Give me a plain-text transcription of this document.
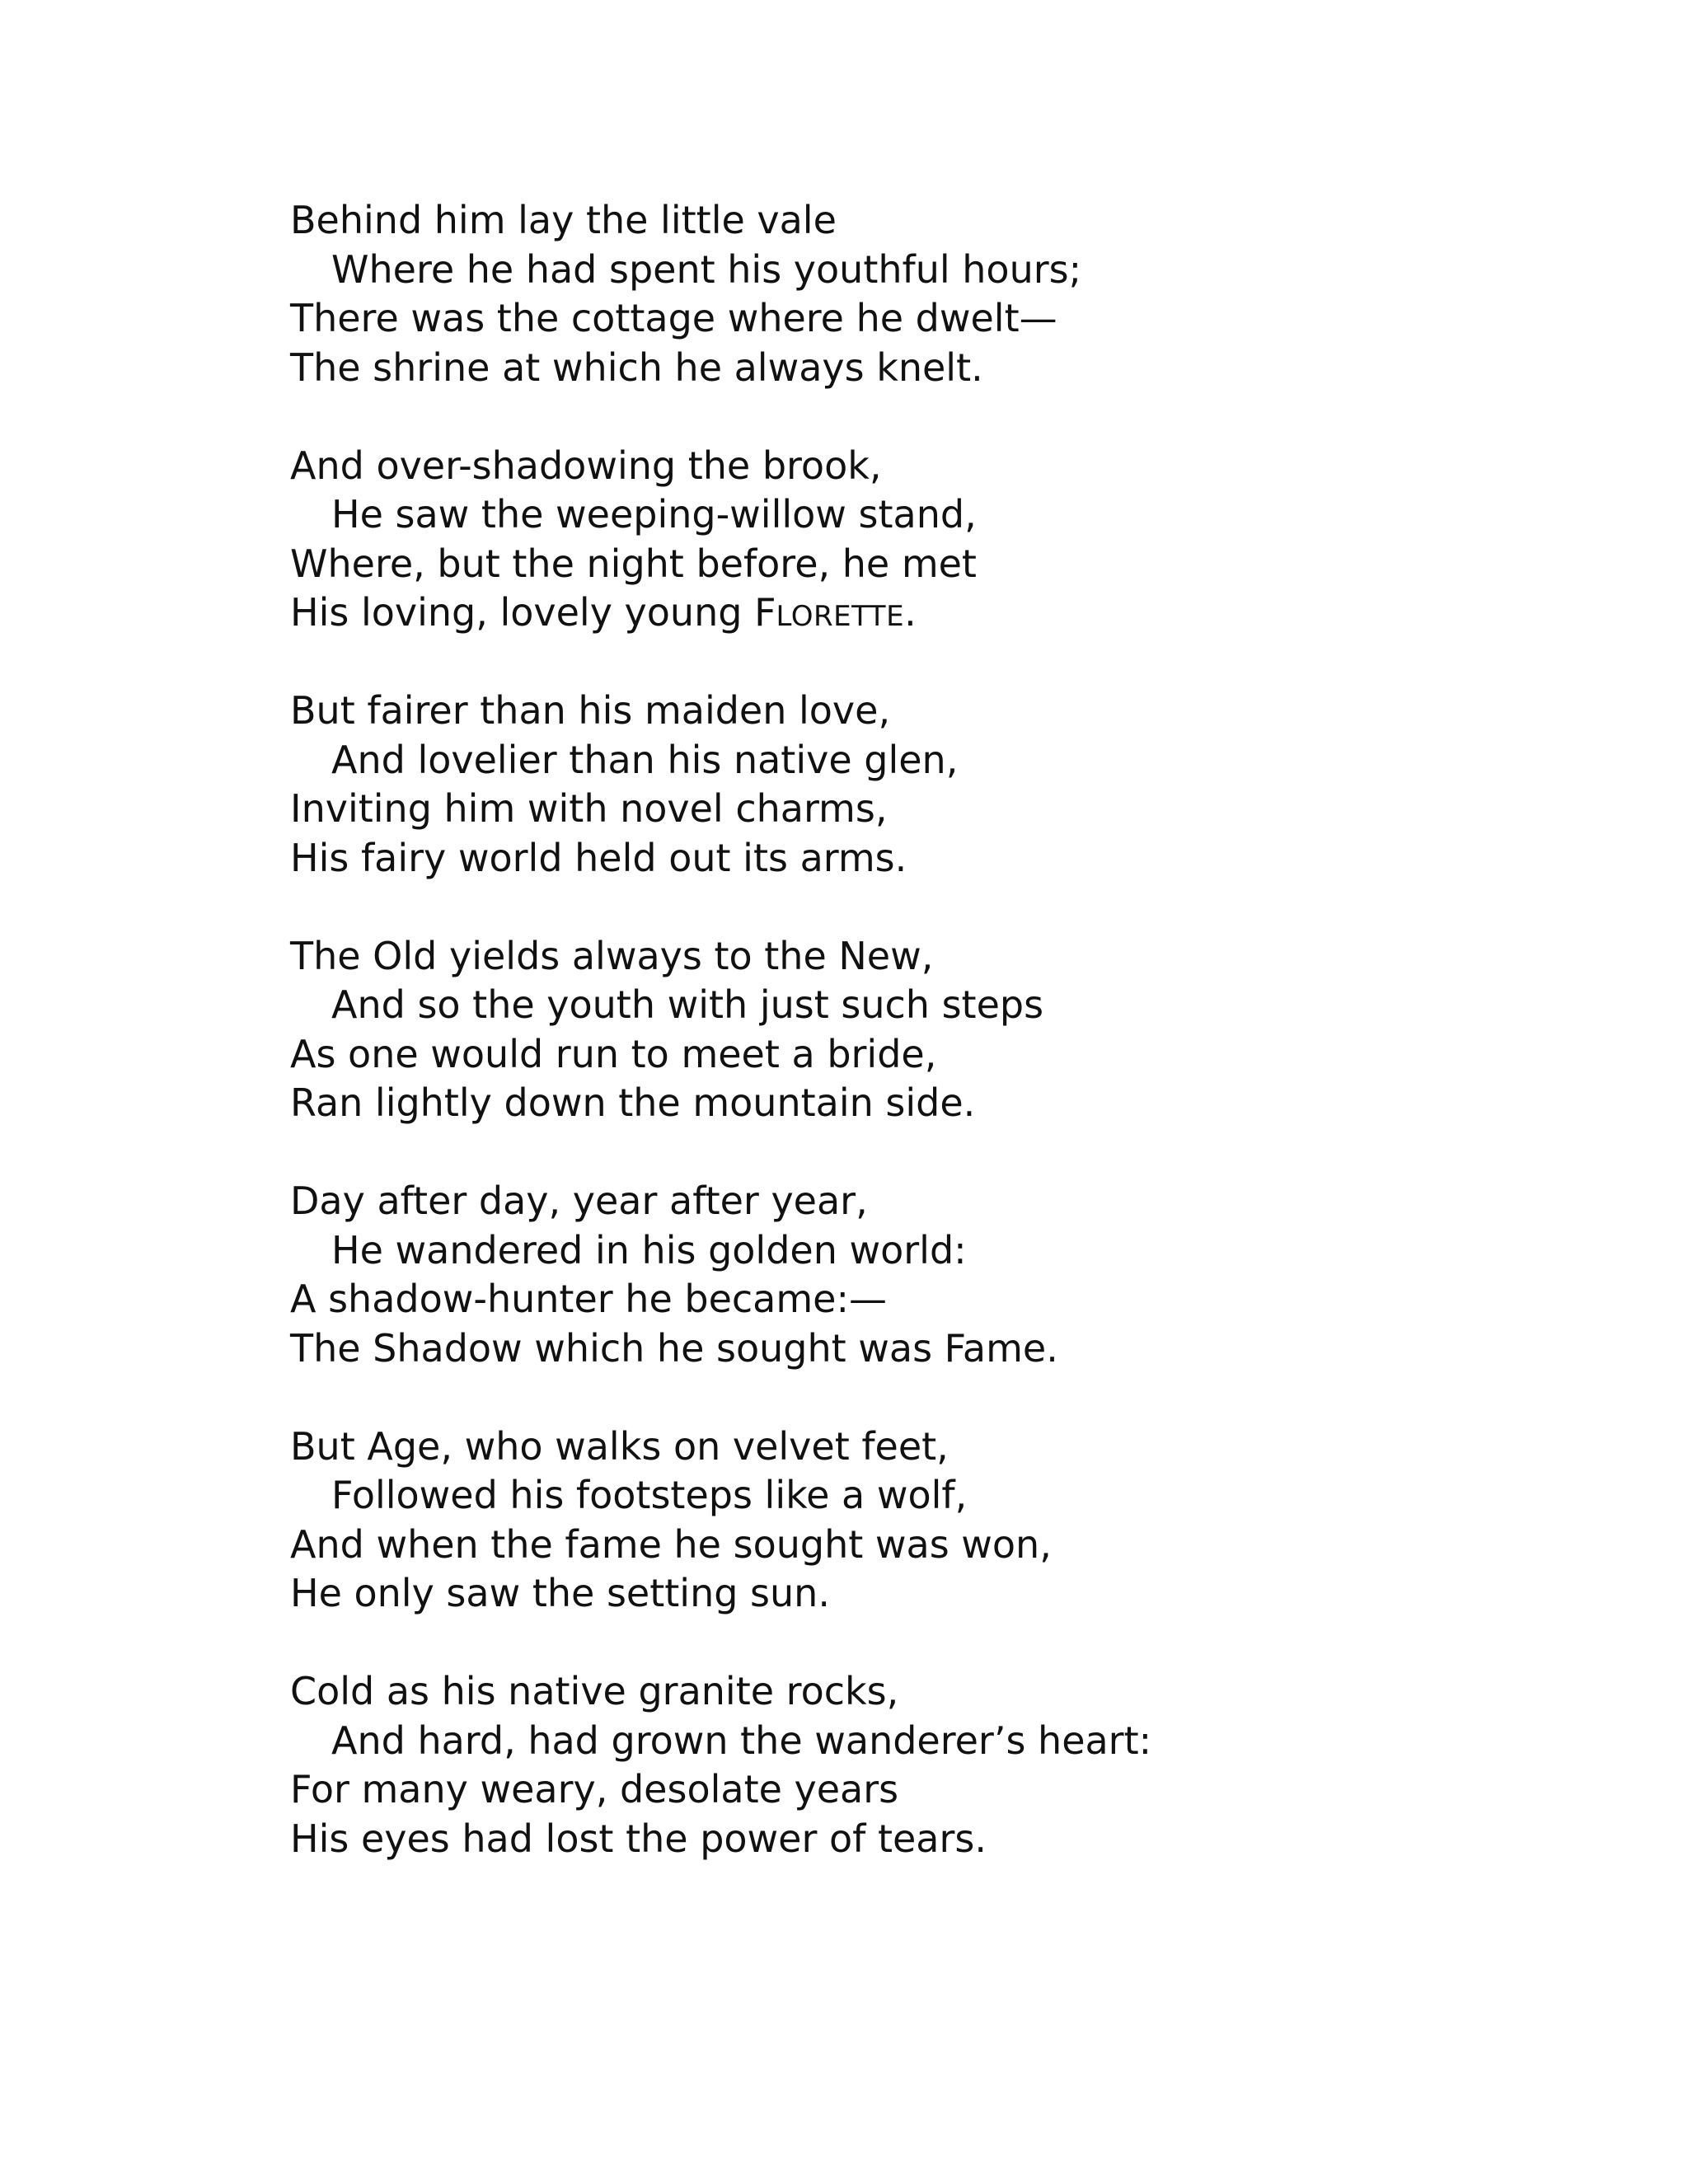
Behind him lay the little vale
Where he had spent his youthful hours;
There was the cottage where he dwelt—
The shrine at which he always knelt.
And over-shadowing the brook,
He saw the weeping-willow stand,
Where, but the night before, he met
His loving, lovely young FLORETTE.
But fairer than his maiden love,
And lovelier than his native glen,
Inviting him with novel charms,
His fairy world held out its arms.
The Old yields always to the New,
And so the youth with just such steps
As one would run to meet a bride,
Ran lightly down the mountain side.
Day after day, year after year,
He wandered in his golden world:
A shadow-hunter he became:—
The Shadow which he sought was Fame.
But Age, who walks on velvet feet,
Followed his footsteps like a wolf,
And when the fame he sought was won,
He only saw the setting sun.
Cold as his native granite rocks,
And hard, had grown the wanderer’s heart:
For many weary, desolate years
His eyes had lost the power of tears.
